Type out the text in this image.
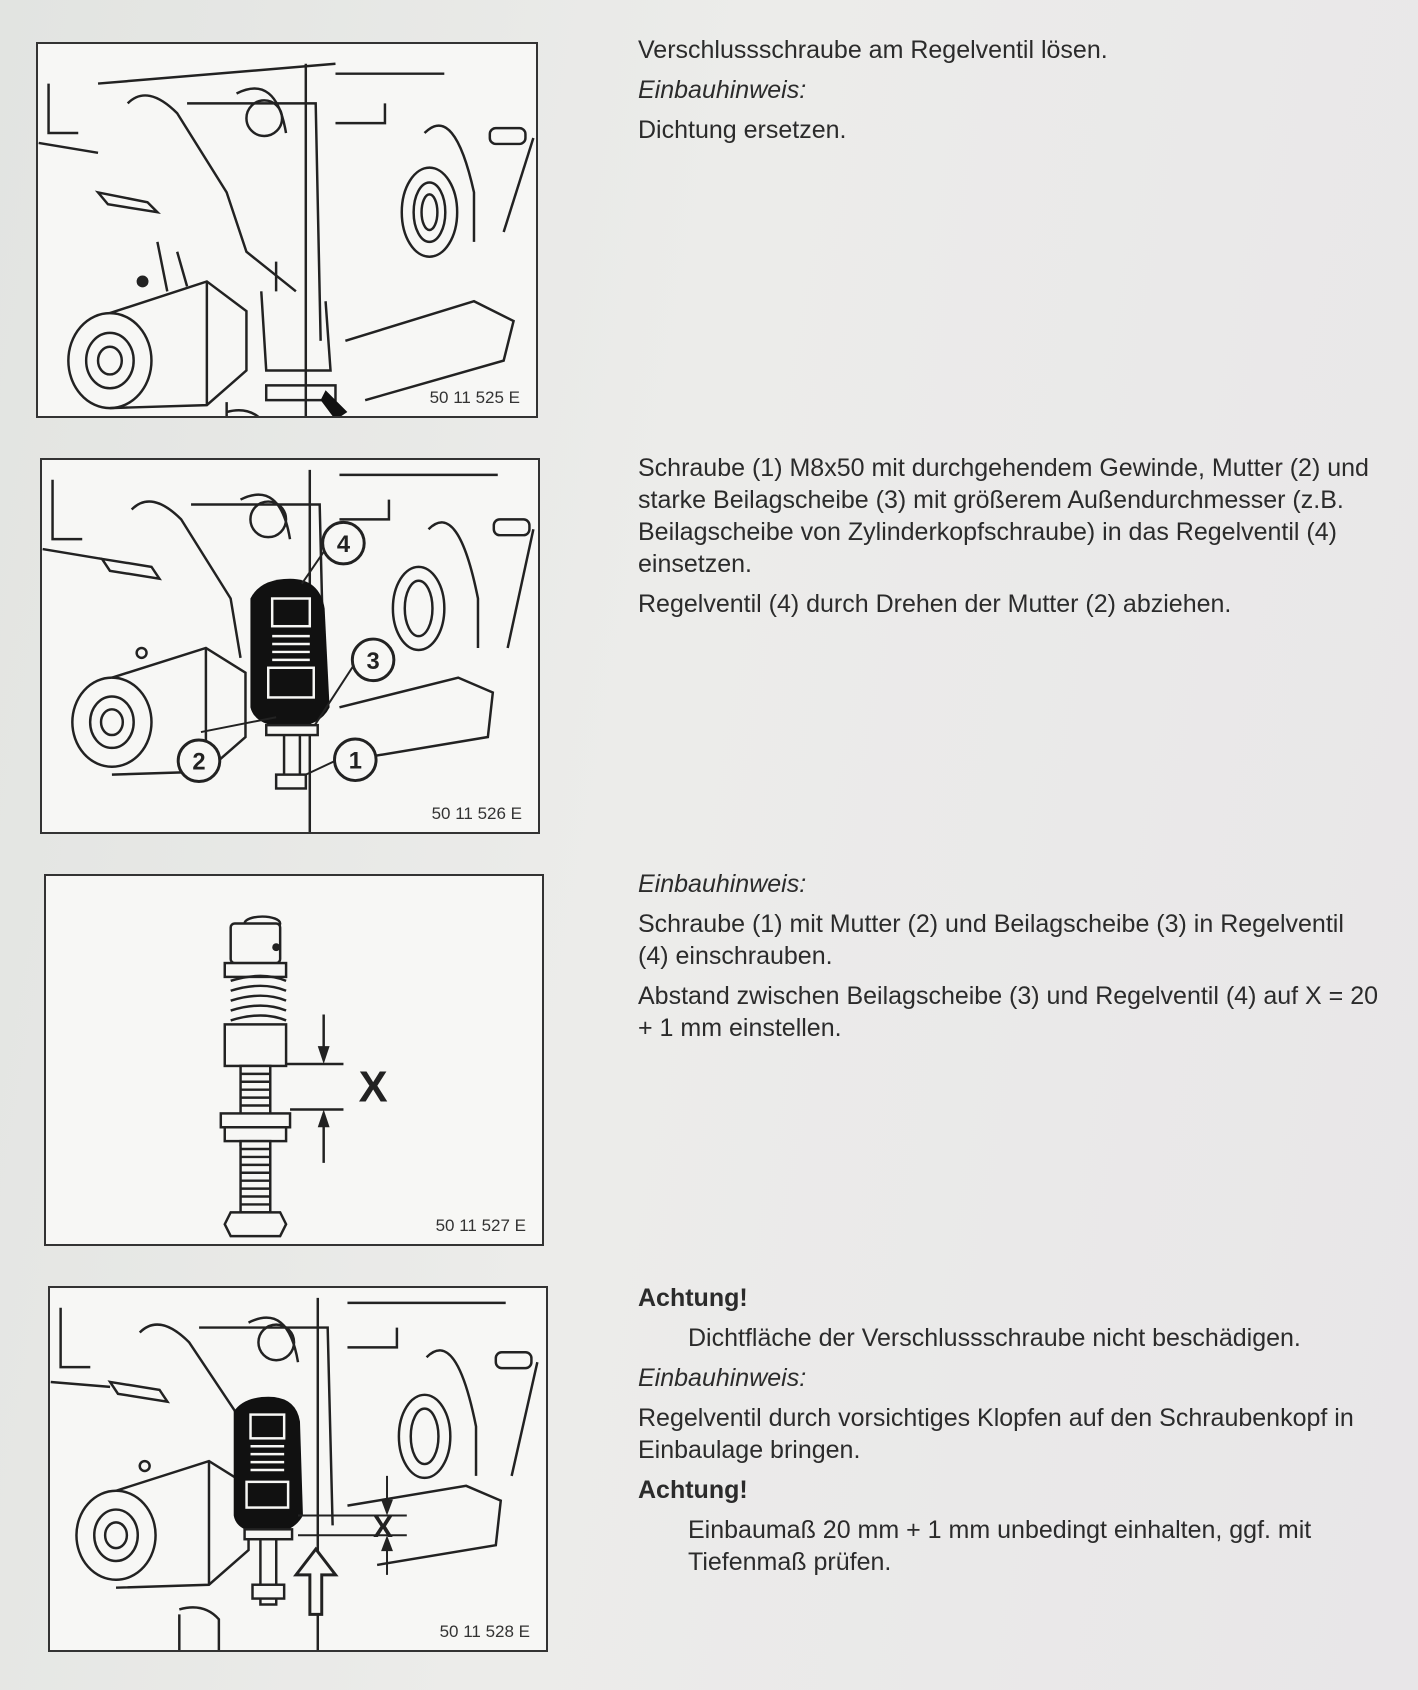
50 11 525 E

Verschlussschraube am Regelventil lösen.

Einbauhinweis:

Dichtung ersetzen.

4
3
2	1
50 11 526 E

Schraube (1) M8x50 mit durchgehendem Gewinde, Mutter (2) und starke Beilagscheibe (3) mit größerem Außendurchmesser (z.B. Beilagscheibe von Zylinderkopfschraube) in das Regelventil (4) einsetzen.

Regelventil (4) durch Drehen der Mutter (2) abziehen.

X
50 11 527 E

Einbauhinweis:

Schraube (1) mit Mutter (2) und Beilagscheibe (3) in Regelventil (4) einschrauben.

Abstand zwischen Beilagscheibe (3) und Regelventil (4) auf X = 20 + 1 mm einstellen.

X
50 11 528 E

Achtung!

Dichtfläche der Verschlussschraube nicht beschädigen.

Einbauhinweis:

Regelventil durch vorsichtiges Klopfen auf den Schraubenkopf in Einbaulage bringen.

Achtung!

Einbaumaß 20 mm + 1 mm unbedingt einhalten, ggf. mit Tiefenmaß prüfen.
